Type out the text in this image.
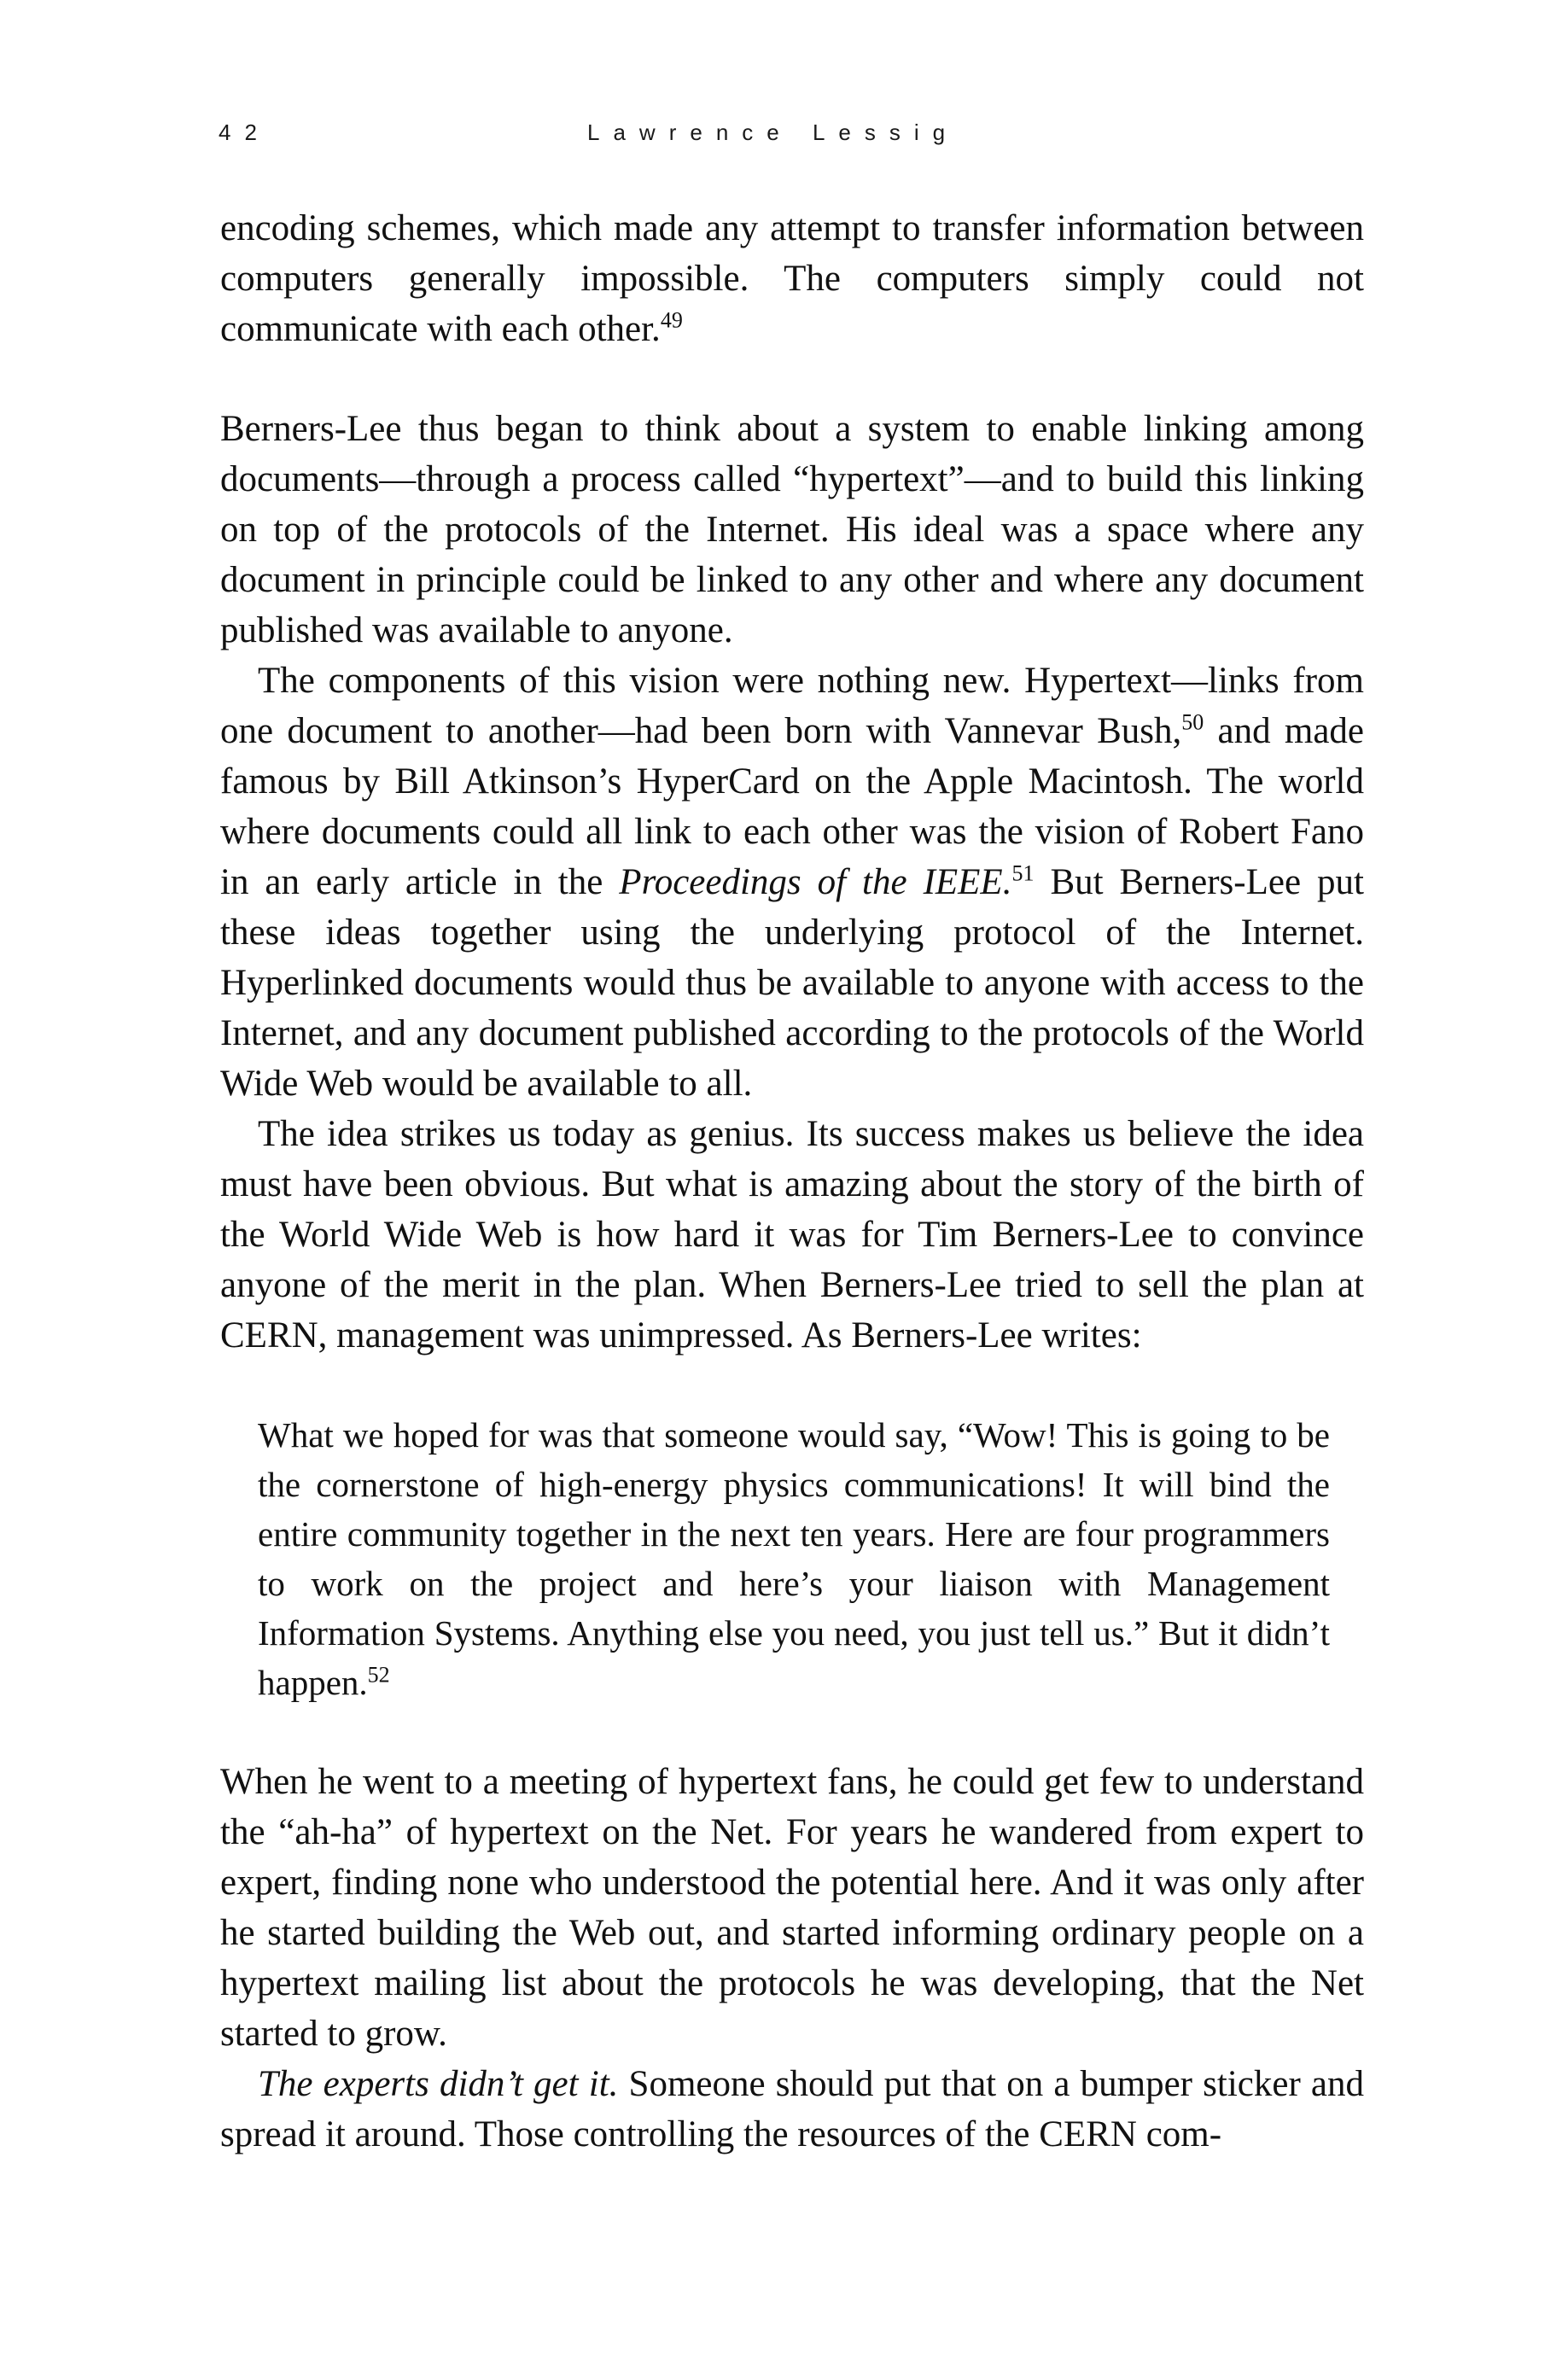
42	Lawrence Lessig

encoding schemes, which made any attempt to transfer information between computers generally impossible. The computers simply could not communicate with each other.$^{49}$

Berners-Lee thus began to think about a system to enable linking among documents—through a process called “hypertext”—and to build this linking on top of the protocols of the Internet. His ideal was a space where any document in principle could be linked to any other and where any document published was available to anyone.

The components of this vision were nothing new. Hypertext—links from one document to another—had been born with Vannevar Bush,$^{50}$ and made famous by Bill Atkinson’s HyperCard on the Apple Macintosh. The world where documents could all link to each other was the vision of Robert Fano in an early article in the Proceedings of the IEEE.$^{51}$ But Berners-Lee put these ideas together using the underlying protocol of the Internet. Hyperlinked documents would thus be available to anyone with access to the Internet, and any document published according to the protocols of the World Wide Web would be available to all.

The idea strikes us today as genius. Its success makes us believe the idea must have been obvious. But what is amazing about the story of the birth of the World Wide Web is how hard it was for Tim Berners-Lee to convince anyone of the merit in the plan. When Berners-Lee tried to sell the plan at CERN, management was unimpressed. As Berners-Lee writes:

What we hoped for was that someone would say, “Wow! This is going to be the cornerstone of high-energy physics communications! It will bind the entire community together in the next ten years. Here are four programmers to work on the project and here’s your liaison with Management Information Systems. Anything else you need, you just tell us.” But it didn’t happen.$^{52}$

When he went to a meeting of hypertext fans, he could get few to understand the “ah-ha” of hypertext on the Net. For years he wandered from expert to expert, finding none who understood the potential here. And it was only after he started building the Web out, and started informing ordinary people on a hypertext mailing list about the protocols he was developing, that the Net started to grow.

The experts didn’t get it. Someone should put that on a bumper sticker and spread it around. Those controlling the resources of the CERN com-
